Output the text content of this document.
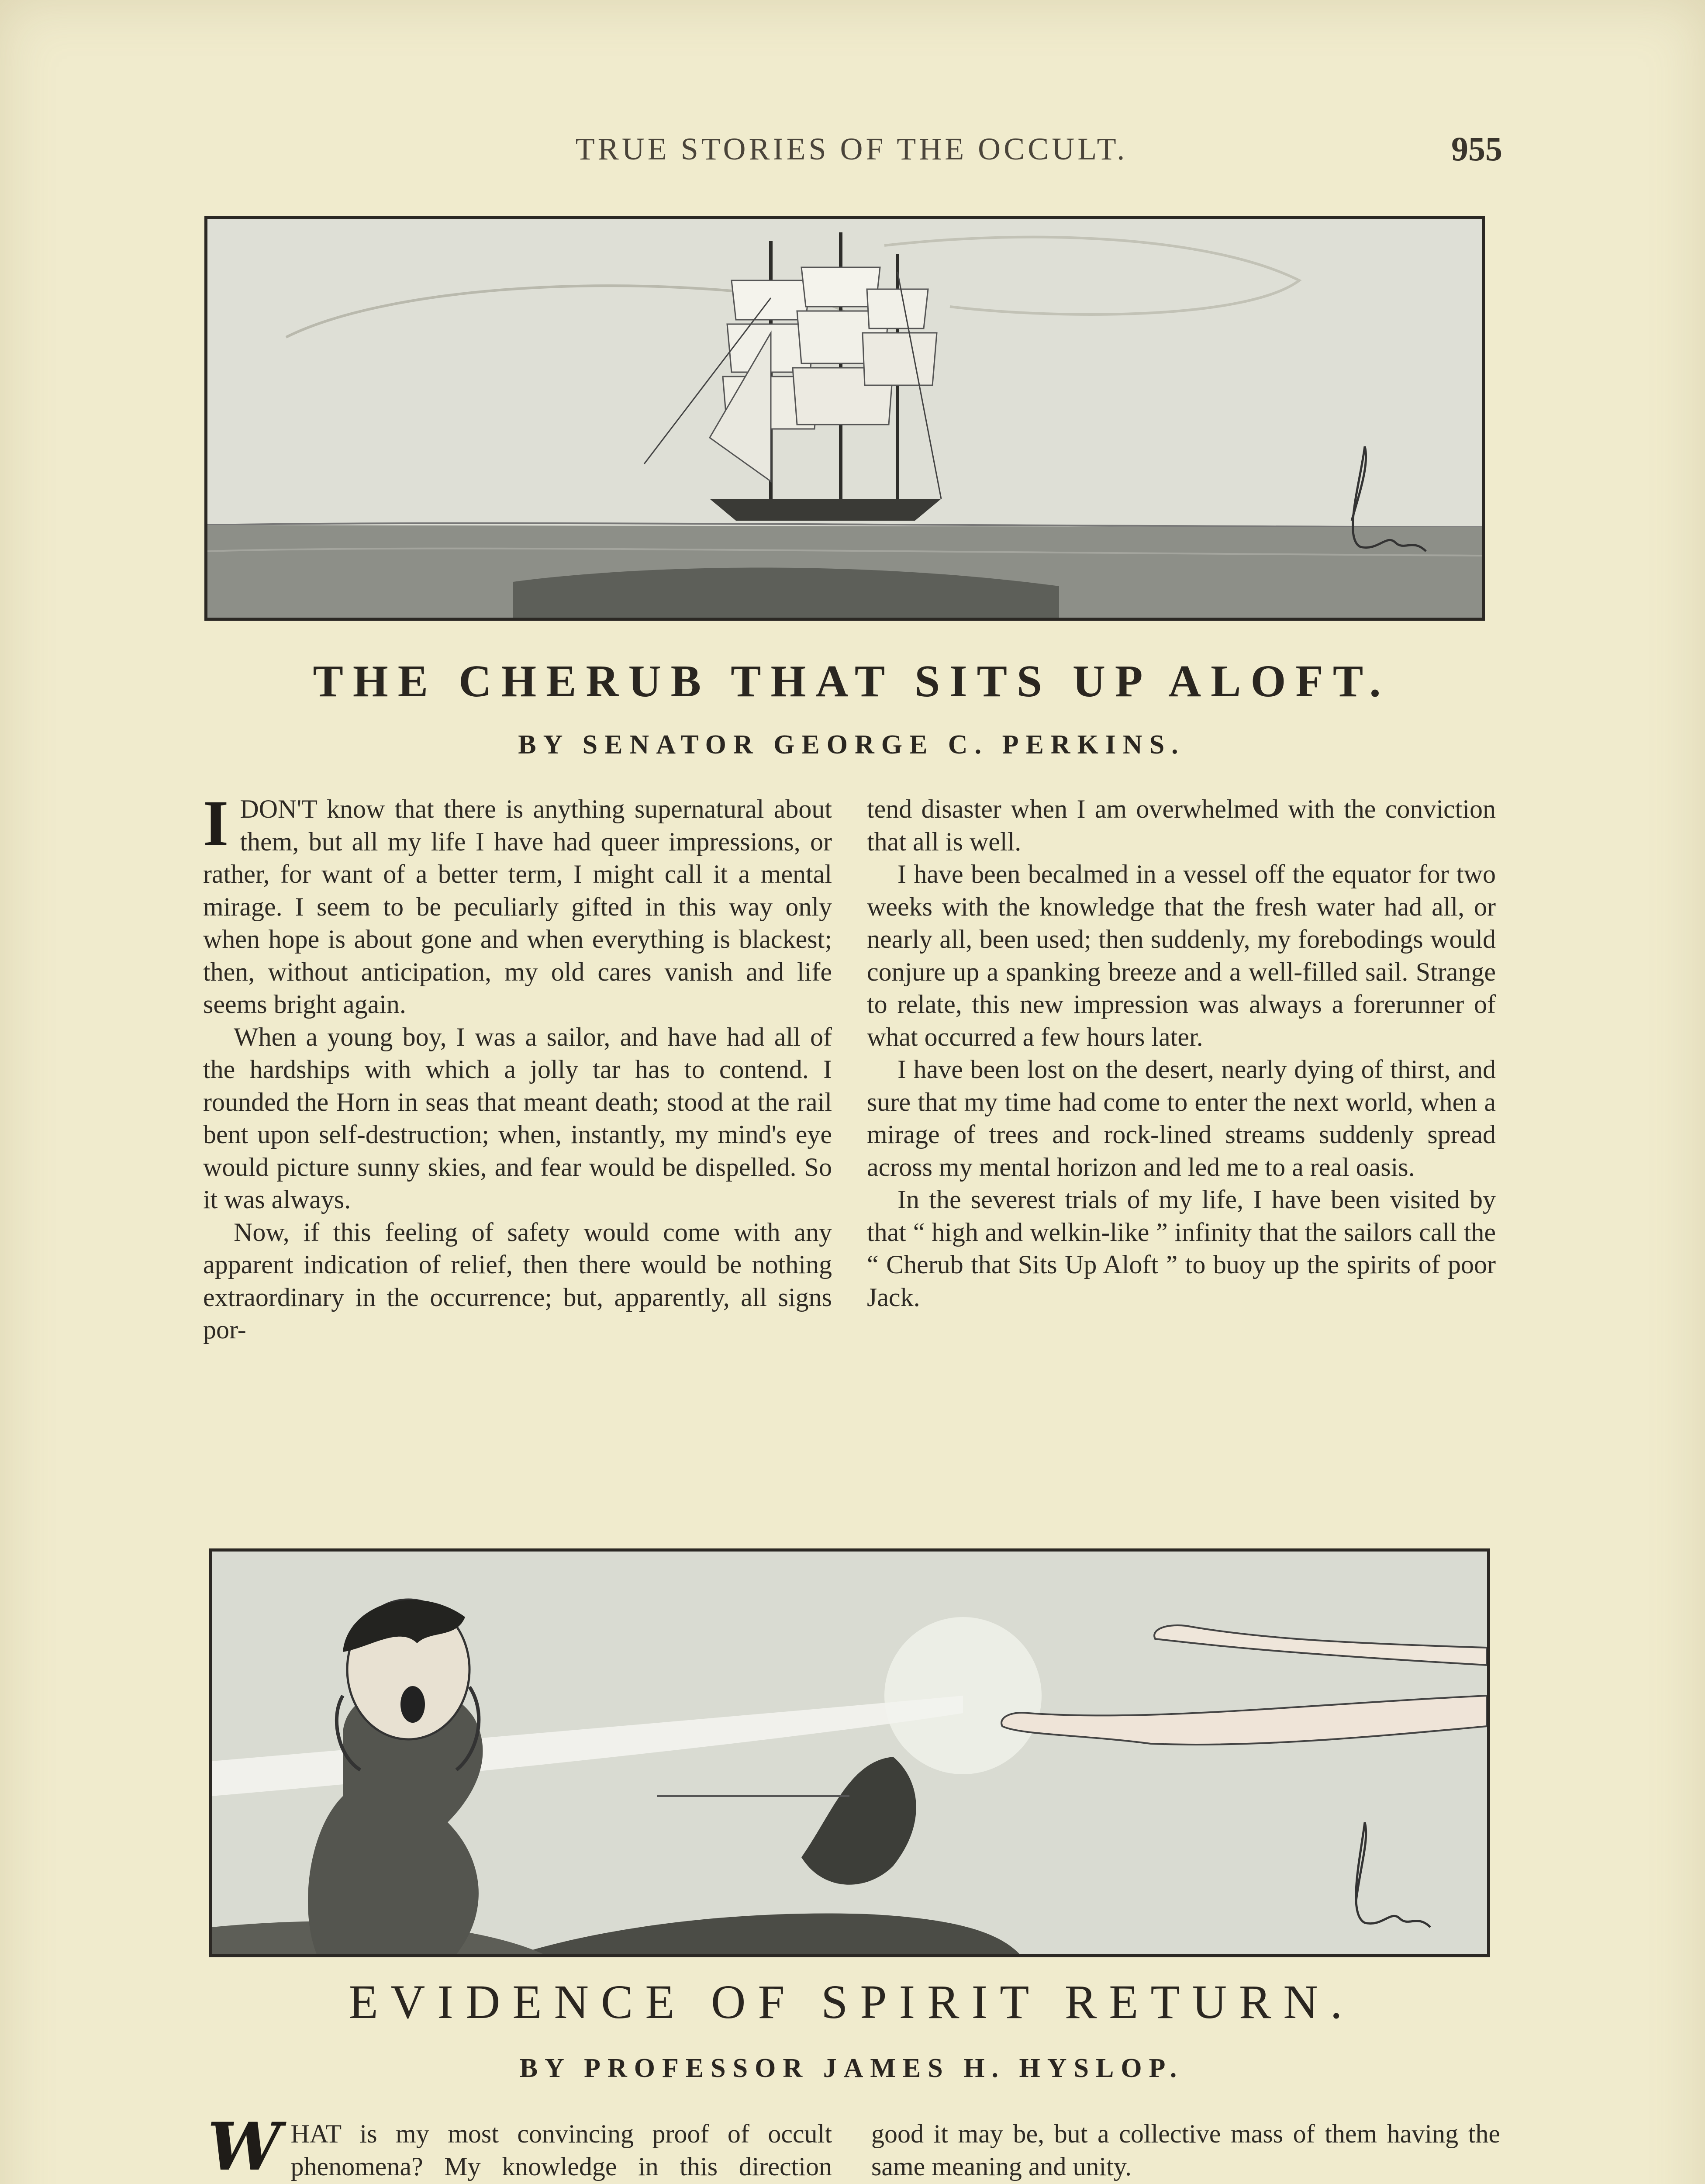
TRUE STORIES OF THE OCCULT.	955
THE CHERUB THAT SITS UP ALOFT.
BY SENATOR GEORGE C. PERKINS.

IDON'T know that there is anything supernatural about them, but all my life I have had queer impressions, or rather, for want of a better term, I might call it a mental mirage. I seem to be peculiarly gifted in this way only when hope is about gone and when everything is blackest; then, without anticipation, my old cares vanish and life seems bright again.

When a young boy, I was a sailor, and have had all of the hardships with which a jolly tar has to contend. I rounded the Horn in seas that meant death; stood at the rail bent upon self-destruction; when, instantly, my mind's eye would picture sunny skies, and fear would be dispelled. So it was always.

Now, if this feeling of safety would come with any apparent indication of relief, then there would be nothing extraordinary in the occurrence; but, apparently, all signs por-

tend disaster when I am overwhelmed with the conviction that all is well.

I have been becalmed in a vessel off the equator for two weeks with the knowledge that the fresh water had all, or nearly all, been used; then suddenly, my forebodings would conjure up a spanking breeze and a well-filled sail. Strange to relate, this new impression was always a forerunner of what occurred a few hours later.

I have been lost on the desert, nearly dying of thirst, and sure that my time had come to enter the next world, when a mirage of trees and rock-lined streams suddenly spread across my mental horizon and led me to a real oasis.

In the severest trials of my life, I have been visited by that “ high and welkin-like ” infinity that the sailors call the “ Cherub that Sits Up Aloft ” to buoy up the spirits of poor Jack.

EVIDENCE OF SPIRIT RETURN.
BY PROFESSOR JAMES H. HYSLOP.

WHAT is my most convincing proof of occult phenomena? My knowledge in this direction

good it may be, but a collective mass of them having the same meaning and unity.
